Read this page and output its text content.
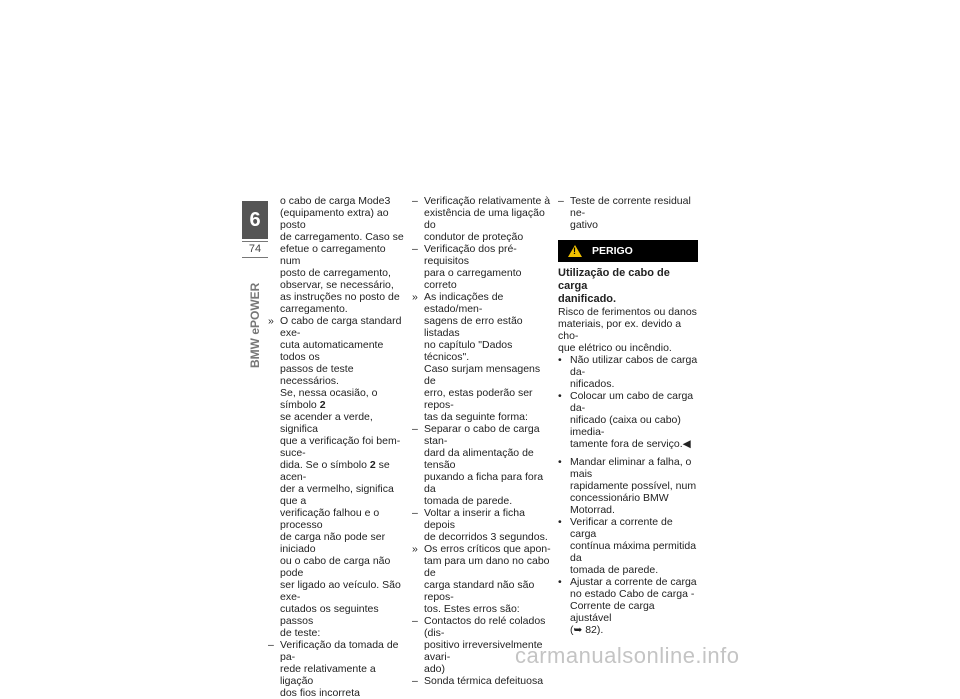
6
74
BMW ePOWER
o cabo de carga Mode3
(equipamento extra) ao posto
de carregamento. Caso se
efetue o carregamento num
posto de carregamento,
observar, se necessário,
as instruções no posto de
carregamento.
» O cabo de carga standard exe-
cuta automaticamente todos os
passos de teste necessários.
Se, nessa ocasião, o símbolo 2
se acender a verde, significa
que a verificação foi bem-suce-
dida. Se o símbolo 2 se acen-
der a vermelho, significa que a
verificação falhou e o processo
de carga não pode ser iniciado
ou o cabo de carga não pode
ser ligado ao veículo. São exe-
cutados os seguintes passos
de teste:
– Verificação da tomada de pa-
rede relativamente a ligação
dos fios incorreta
– Verificação relativamente à
existência de uma ligação do
condutor de proteção
– Verificação dos pré-requisitos
para o carregamento correto
» As indicações de estado/men-
sagens de erro estão listadas
no capítulo "Dados técnicos".
Caso surjam mensagens de
erro, estas poderão ser repos-
tas da seguinte forma:
– Separar o cabo de carga stan-
dard da alimentação de tensão
puxando a ficha para fora da
tomada de parede.
– Voltar a inserir a ficha depois
de decorridos 3 segundos.
» Os erros críticos que apon-
tam para um dano no cabo de
carga standard não são repos-
tos. Estes erros são:
– Contactos do relé colados (dis-
positivo irreversivelmente avari-
ado)
– Sonda térmica defeituosa
– Teste de corrente residual ne-
gativo
!
PERIGO
Utilização de cabo de carga
danificado.
Risco de ferimentos ou danos
materiais, por ex. devido a cho-
que elétrico ou incêndio.
• Não utilizar cabos de carga da-
nificados.
• Colocar um cabo de carga da-
nificado (caixa ou cabo) imedia-
tamente fora de serviço.◀
• Mandar eliminar a falha, o mais
rapidamente possível, num
concessionário BMW Motorrad.
• Verificar a corrente de carga
contínua máxima permitida da
tomada de parede.
• Ajustar a corrente de carga
no estado Cabo de carga -
Corrente de carga ajustável
(➥ 82).
carmanualsonline.info
